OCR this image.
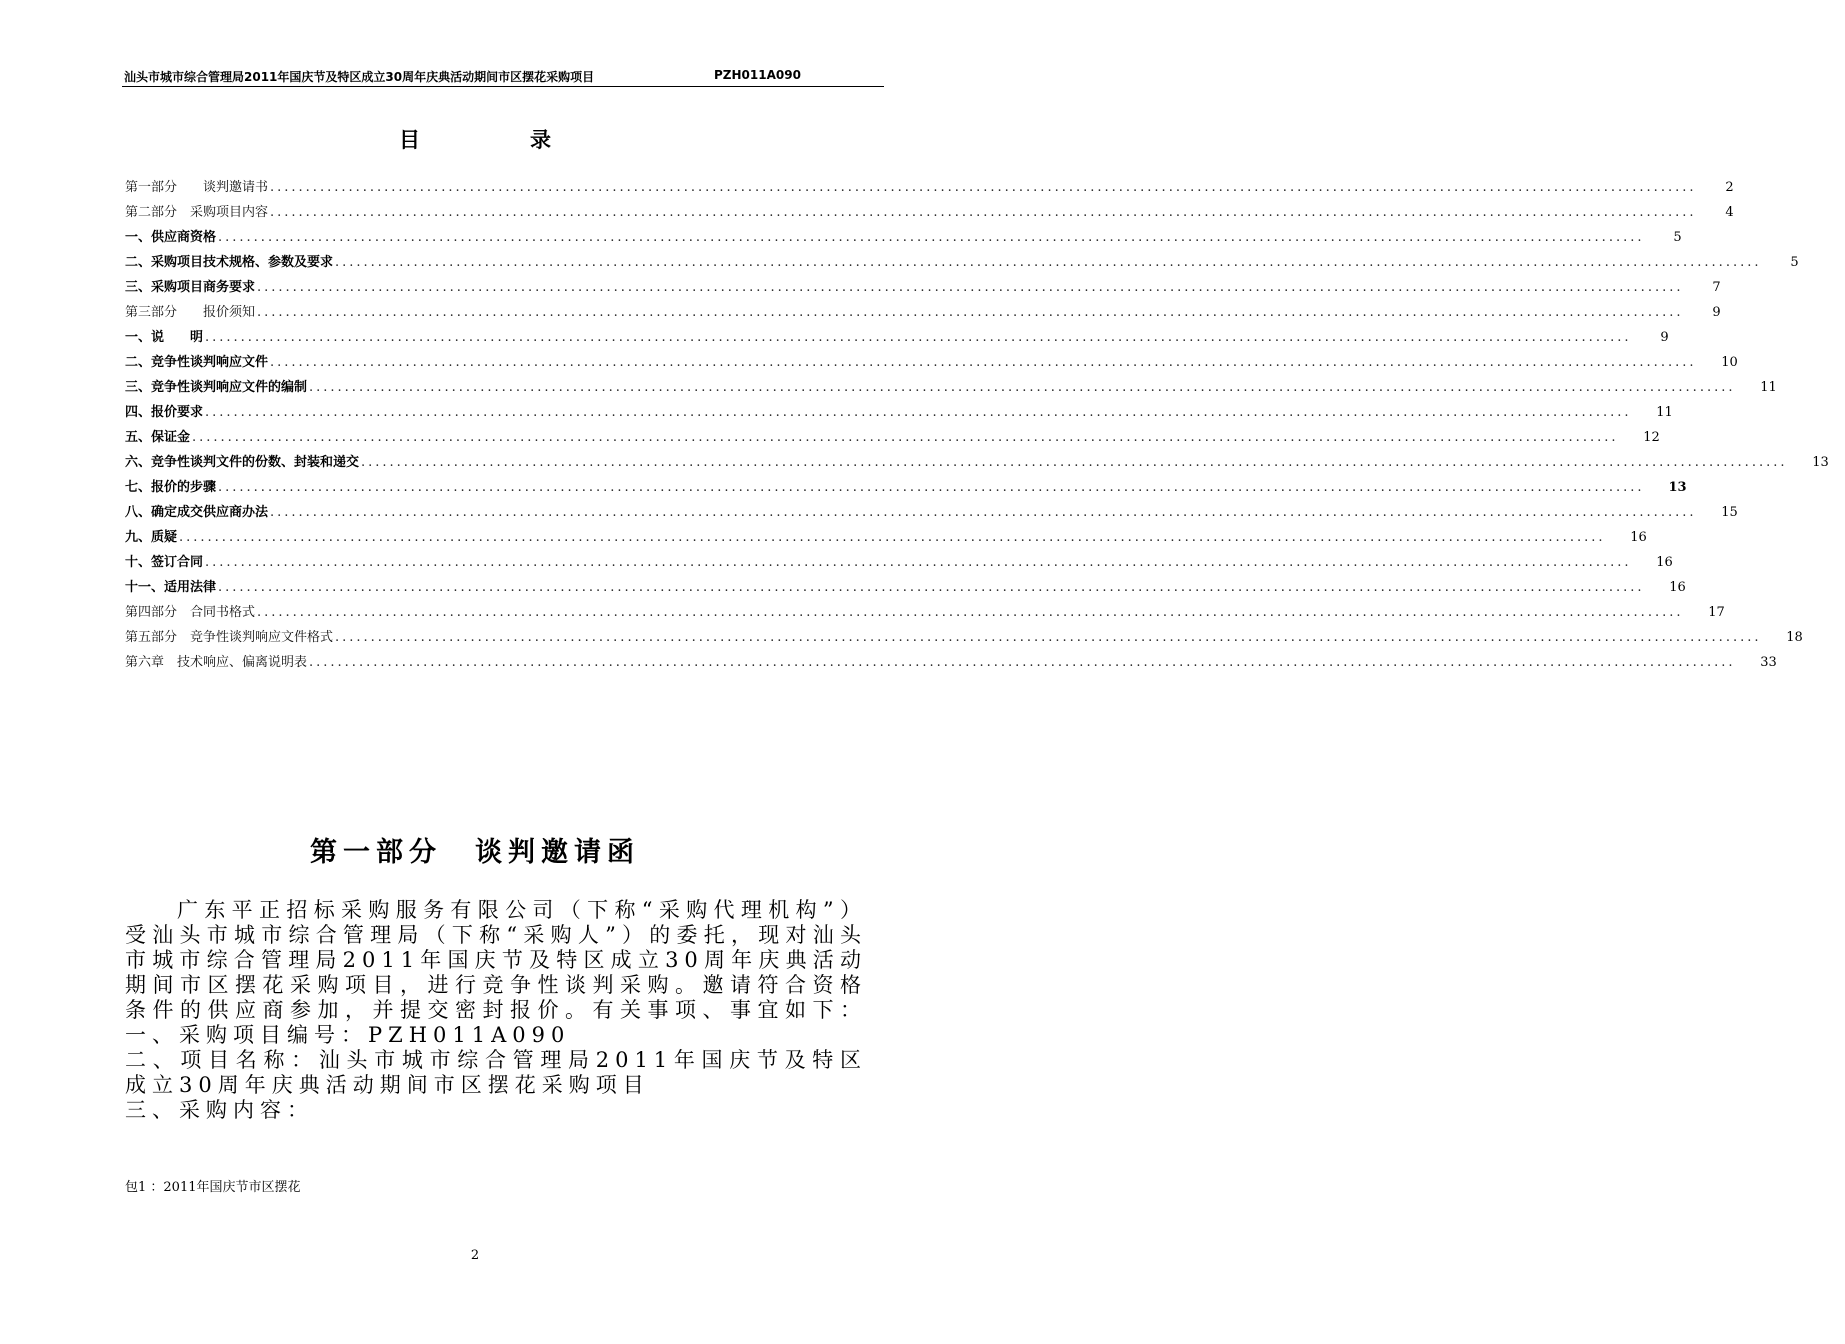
汕头市城市综合管理局2011年国庆节及特区成立30周年庆典活动期间市区摆花采购项目	PZH011A090
目录
第一部分　　谈判邀请书 ........................................................................................................................................................................................................	2
第二部分　采购项目内容 ........................................................................................................................................................................................................	4
一、供应商资格 ........................................................................................................................................................................................................	5
二、采购项目技术规格、参数及要求 ........................................................................................................................................................................................................	5
三、采购项目商务要求 ........................................................................................................................................................................................................	7
第三部分　　报价须知 ........................................................................................................................................................................................................	9
一、说　　明 ........................................................................................................................................................................................................	9
二、竞争性谈判响应文件 ........................................................................................................................................................................................................	10
三、竞争性谈判响应文件的编制 ........................................................................................................................................................................................................	11
四、报价要求 ........................................................................................................................................................................................................	11
五、保证金 ........................................................................................................................................................................................................	12
六、竞争性谈判文件的份数、封装和递交 ........................................................................................................................................................................................................	13
七、报价的步骤 ........................................................................................................................................................................................................	13
八、确定成交供应商办法 ........................................................................................................................................................................................................	15
九、质疑 ........................................................................................................................................................................................................	16
十、签订合同 ........................................................................................................................................................................................................	16
十一、适用法律 ........................................................................................................................................................................................................	16
第四部分　合同书格式 ........................................................................................................................................................................................................	17
第五部分　竞争性谈判响应文件格式 ........................................................................................................................................................................................................	18
第六章　技术响应、偏离说明表 ........................................................................................................................................................................................................	33
第一部分　谈判邀请函

广东平正招标采购服务有限公司（下称“采购代理机构”）受汕头市城市综合管理局（下称“采购人”）的委托，现对汕头市城市综合管理局2011年国庆节及特区成立30周年庆典活动期间市区摆花采购项目，进行竞争性谈判采购。邀请符合资格条件的供应商参加，并提交密封报价。有关事项、事宜如下：

一、采购项目编号：PZH011A090

二、项目名称：汕头市城市综合管理局2011年国庆节及特区成立30周年庆典活动期间市区摆花采购项目

三、采购内容：

包1 ：2011年国庆节市区摆花
2
